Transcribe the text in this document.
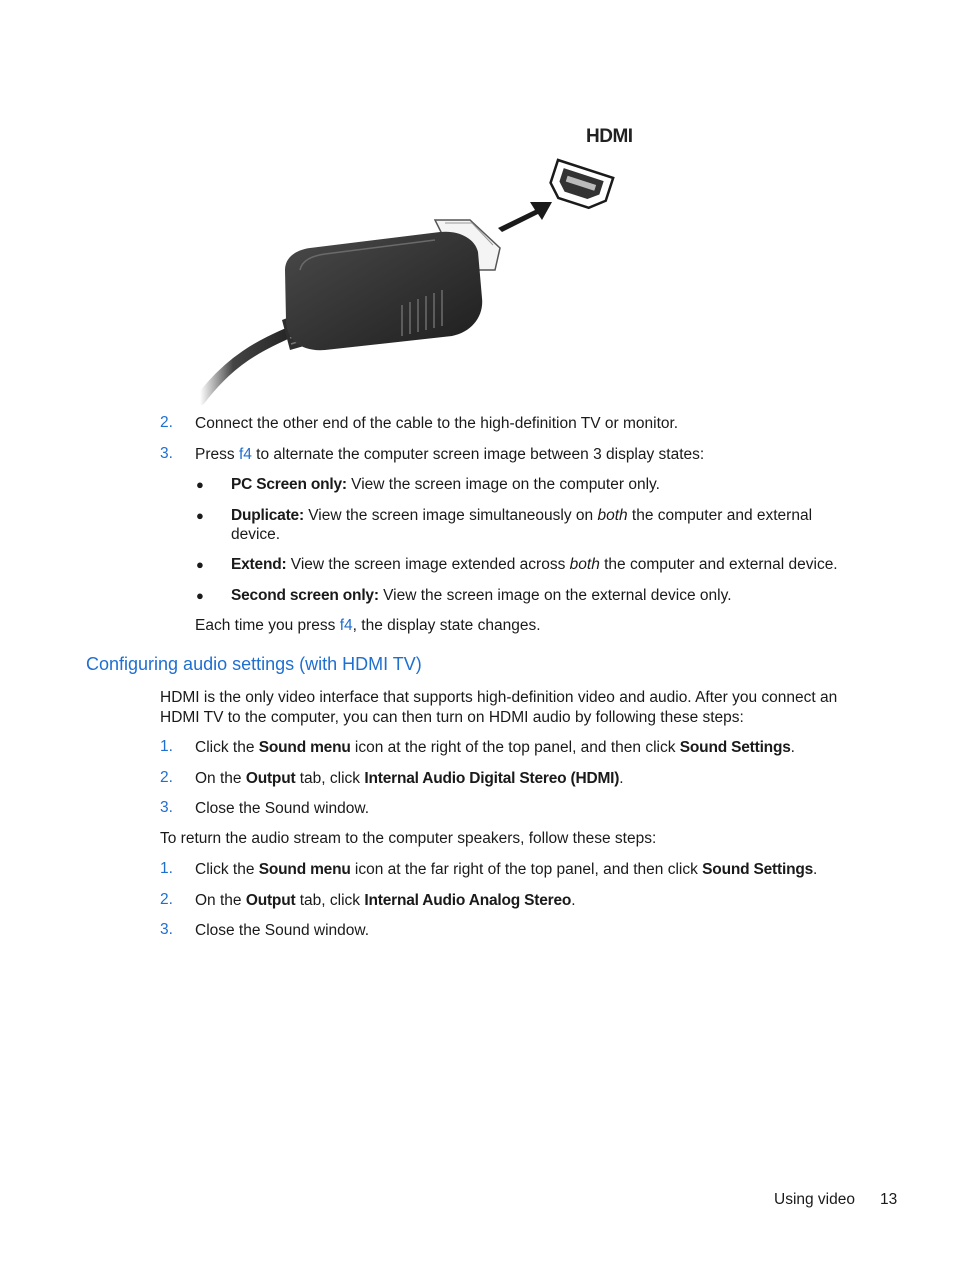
HDMI
2. Connect the other end of the cable to the high-definition TV or monitor.
3. Press f4 to alternate the computer screen image between 3 display states:
● PC Screen only: View the screen image on the computer only.
● Duplicate: View the screen image simultaneously on both the computer and external
device.
● Extend: View the screen image extended across both the computer and external device.
● Second screen only: View the screen image on the external device only.
Each time you press f4, the display state changes.
Configuring audio settings (with HDMI TV)
HDMI is the only video interface that supports high-definition video and audio. After you connect an
HDMI TV to the computer, you can then turn on HDMI audio by following these steps:
1. Click the Sound menu icon at the right of the top panel, and then click Sound Settings.
2. On the Output tab, click Internal Audio Digital Stereo (HDMI).
3. Close the Sound window.
To return the audio stream to the computer speakers, follow these steps:
1. Click the Sound menu icon at the far right of the top panel, and then click Sound Settings.
2. On the Output tab, click Internal Audio Analog Stereo.
3. Close the Sound window.
Using video 13
